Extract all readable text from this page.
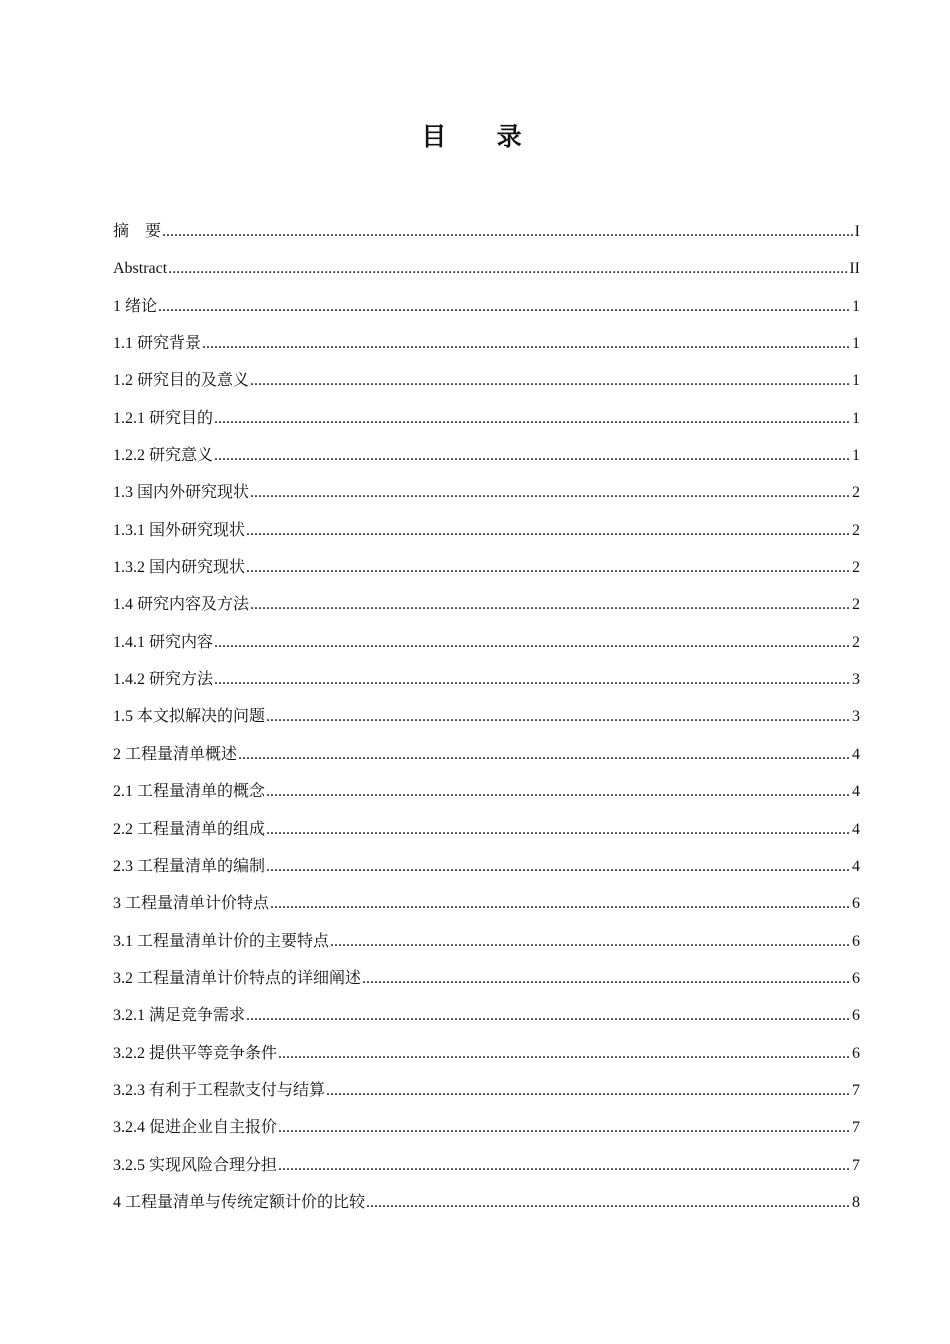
目 录
摘　要 .....	I
Abstract .....	II
1 绪论 .....	1
1.1 研究背景 .....	1
1.2 研究目的及意义 .....	1
1.2.1 研究目的 .....	1
1.2.2 研究意义 .....	1
1.3 国内外研究现状 .....	2
1.3.1 国外研究现状 .....	2
1.3.2 国内研究现状 .....	2
1.4 研究内容及方法 .....	2
1.4.1 研究内容 .....	2
1.4.2 研究方法 .....	3
1.5 本文拟解决的问题 .....	3
2 工程量清单概述 .....	4
2.1 工程量清单的概念 .....	4
2.2 工程量清单的组成 .....	4
2.3 工程量清单的编制 .....	4
3 工程量清单计价特点 .....	6
3.1 工程量清单计价的主要特点 .....	6
3.2 工程量清单计价特点的详细阐述 .....	6
3.2.1 满足竞争需求 .....	6
3.2.2 提供平等竞争条件 .....	6
3.2.3 有利于工程款支付与结算 .....	7
3.2.4 促进企业自主报价 .....	7
3.2.5 实现风险合理分担 .....	7
4 工程量清单与传统定额计价的比较 .....	8
